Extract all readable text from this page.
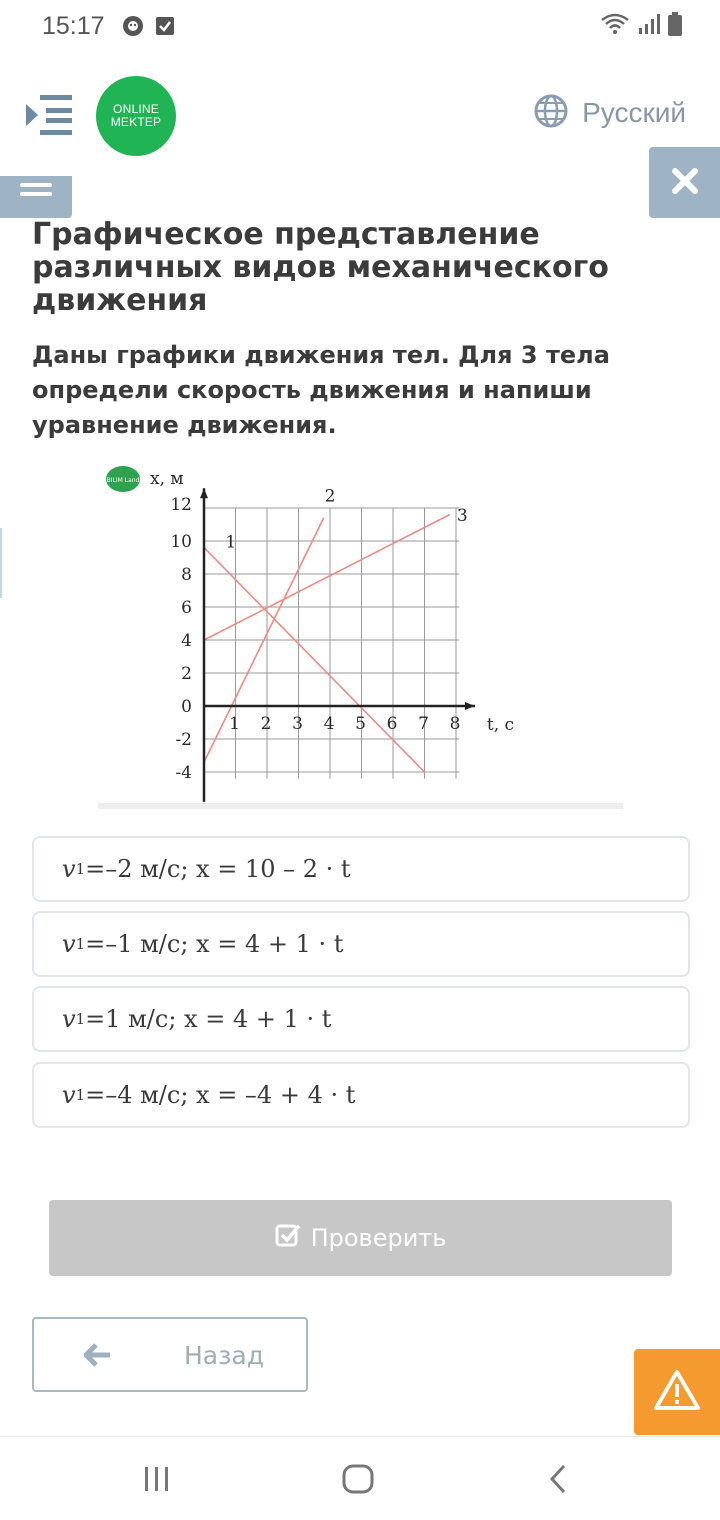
15:17
ONLINE
MEKTEP	Русский
Графическое представление различных видов механического движения

Даны графики движения тел. Для 3 тела определи скорость движения и напиши уравнение движения.

12
10
8
6
4
2
0
-2
-4
1 2 3 4 5 6 7 8
x, м
t, с
1
2
3
BILIM Land
v 1 = –2 м/с; x = 10 – 2 · t
v 1 = –1 м/с; x = 4 + 1 · t
v 1 = 1 м/с; x = 4 + 1 · t
v 1 = –4 м/с; x = –4 + 4 · t
Проверить
Назад
